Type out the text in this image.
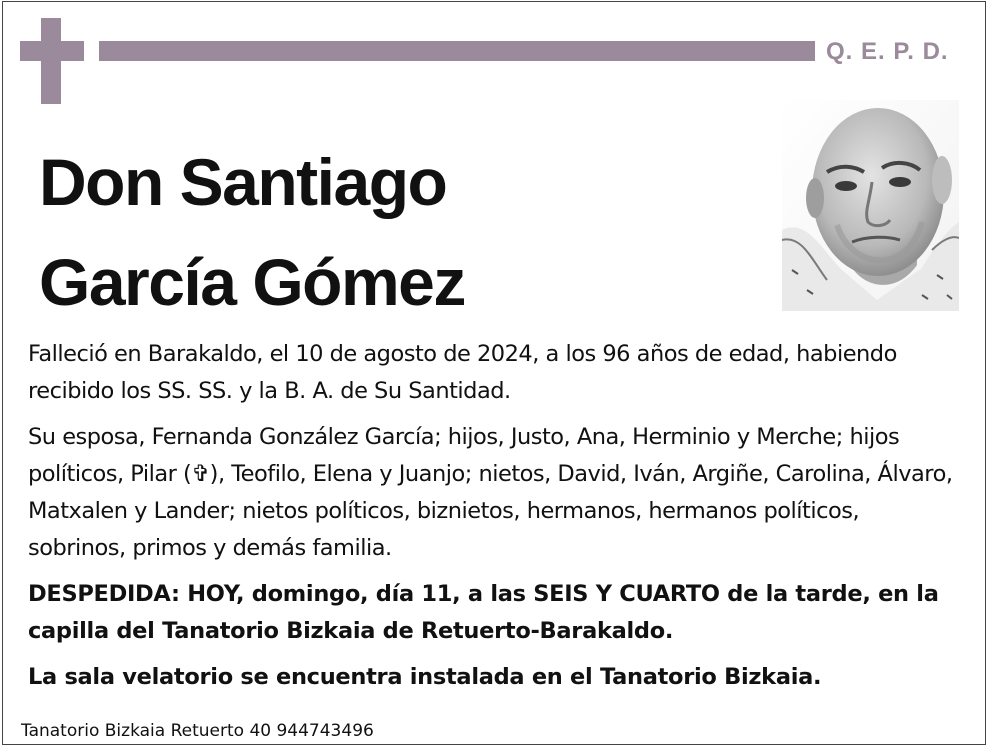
Q. E. P. D.
Don Santiago
García Gómez

Falleció en Barakaldo, el 10 de agosto de 2024, a los 96 años de edad, habiendo recibido los SS. SS. y la B. A. de Su Santidad.

Su esposa, Fernanda González García; hijos, Justo, Ana, Herminio y Merche; hijos políticos, Pilar (✞), Teofilo, Elena y Juanjo; nietos, David, Iván, Argiñe, Carolina, Álvaro, Matxalen y Lander; nietos políticos, biznietos, hermanos, hermanos políticos, sobrinos, primos y demás familia.

DESPEDIDA: HOY, domingo, día 11, a las SEIS Y CUARTO de la tarde, en la capilla del Tanatorio Bizkaia de Retuerto-Barakaldo.

La sala velatorio se encuentra instalada en el Tanatorio Bizkaia.

Tanatorio Bizkaia Retuerto 40 944743496
